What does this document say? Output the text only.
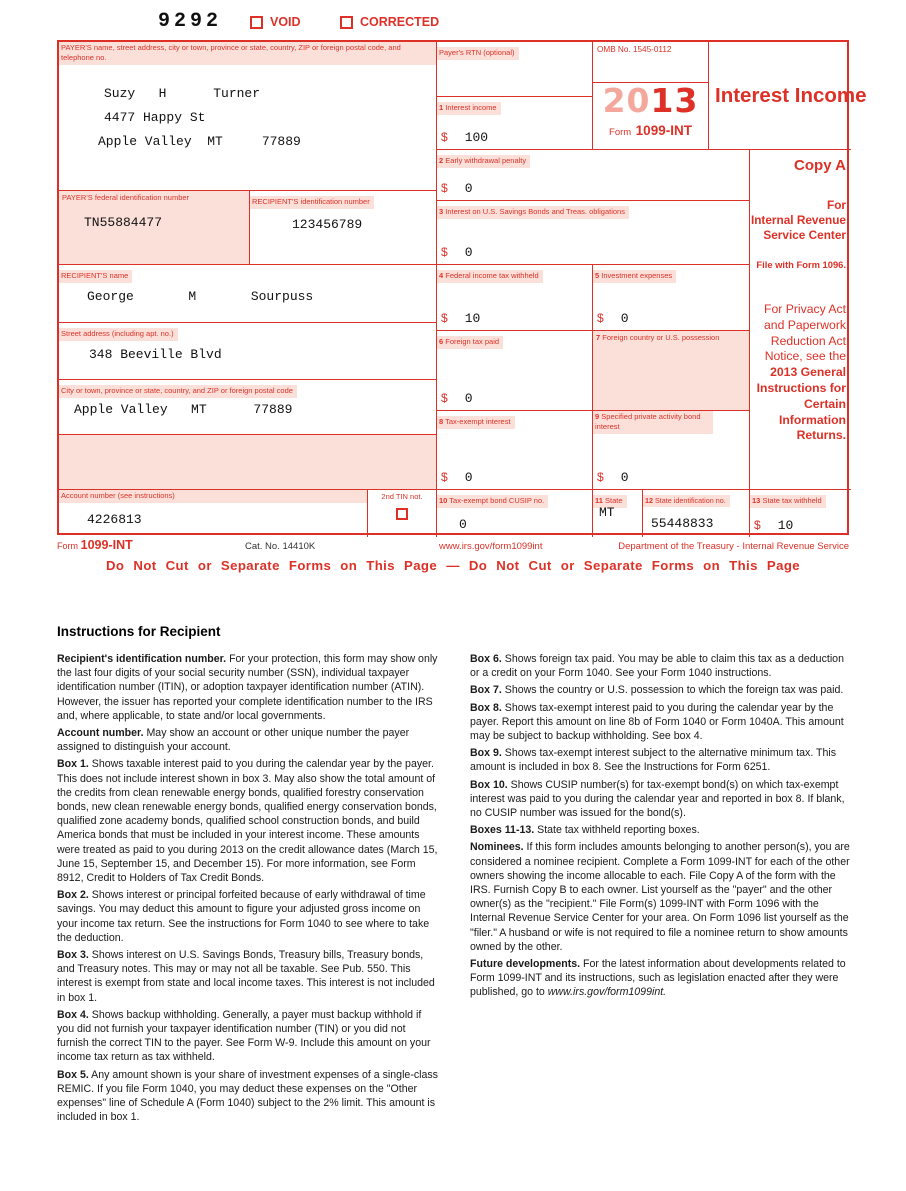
9292	VOID	CORRECTED
PAYER'S name, street address, city or town, province or state, country, ZIP or foreign postal code, and telephone no.
Suzy   H      Turner
4477 Happy St
Apple Valley  MT     77889
Payer's RTN (optional)	OMB No. 1545-0112
2013
Form 1099-INT
Interest Income
1 Interest income
$ 100
2 Early withdrawal penalty
$ 0
3 Interest on U.S. Savings Bonds and Treas. obligations
$ 0
4 Federal income tax withheld
$ 10
5 Investment expenses
$ 0
6 Foreign tax paid
$ 0
7 Foreign country or U.S. possession
8 Tax-exempt interest
$ 0
9 Specified private activity bond interest
$ 0
Copy A
For
Internal Revenue
Service Center
File with Form 1096.
For Privacy Act and Paperwork Reduction Act Notice, see the 2013 General Instructions for Certain Information Returns.
PAYER'S federal identification number
TN55884477
RECIPIENT'S identification number
123456789
RECIPIENT'S name
George       M       Sourpuss
Street address (including apt. no.)
348 Beeville Blvd
City or town, province or state, country, and ZIP or foreign postal code
Apple Valley   MT      77889
Account number (see instructions)
4226813
2nd TIN not.	10 Tax-exempt bond CUSIP no.
0
11 State
MT
12 State identification no.
55448833
13 State tax withheld
$ 10
Form 1099-INT	Cat. No. 14410K	www.irs.gov/form1099int	Department of the Treasury - Internal Revenue Service
Do Not Cut or Separate Forms on This Page — Do Not Cut or Separate Forms on This Page
Instructions for Recipient

Recipient's identification number. For your protection, this form may show only the last four digits of your social security number (SSN), individual taxpayer identification number (ITIN), or adoption taxpayer identification number (ATIN). However, the issuer has reported your complete identification number to the IRS and, where applicable, to state and/or local governments.

Account number. May show an account or other unique number the payer assigned to distinguish your account.

Box 1. Shows taxable interest paid to you during the calendar year by the payer. This does not include interest shown in box 3. May also show the total amount of the credits from clean renewable energy bonds, qualified forestry conservation bonds, new clean renewable energy bonds, qualified energy conservation bonds, qualified zone academy bonds, qualified school construction bonds, and build America bonds that must be included in your interest income. These amounts were treated as paid to you during 2013 on the credit allowance dates (March 15, June 15, September 15, and December 15). For more information, see Form 8912, Credit to Holders of Tax Credit Bonds.

Box 2. Shows interest or principal forfeited because of early withdrawal of time savings. You may deduct this amount to figure your adjusted gross income on your income tax return. See the instructions for Form 1040 to see where to take the deduction.

Box 3. Shows interest on U.S. Savings Bonds, Treasury bills, Treasury bonds, and Treasury notes. This may or may not all be taxable. See Pub. 550. This interest is exempt from state and local income taxes. This interest is not included in box 1.

Box 4. Shows backup withholding. Generally, a payer must backup withhold if you did not furnish your taxpayer identification number (TIN) or you did not furnish the correct TIN to the payer. See Form W-9. Include this amount on your income tax return as tax withheld.

Box 5. Any amount shown is your share of investment expenses of a single-class REMIC. If you file Form 1040, you may deduct these expenses on the "Other expenses" line of Schedule A (Form 1040) subject to the 2% limit. This amount is included in box 1.

Box 6. Shows foreign tax paid. You may be able to claim this tax as a deduction or a credit on your Form 1040. See your Form 1040 instructions.

Box 7. Shows the country or U.S. possession to which the foreign tax was paid.

Box 8. Shows tax-exempt interest paid to you during the calendar year by the payer. Report this amount on line 8b of Form 1040 or Form 1040A. This amount may be subject to backup withholding. See box 4.

Box 9. Shows tax-exempt interest subject to the alternative minimum tax. This amount is included in box 8. See the Instructions for Form 6251.

Box 10. Shows CUSIP number(s) for tax-exempt bond(s) on which tax-exempt interest was paid to you during the calendar year and reported in box 8. If blank, no CUSIP number was issued for the bond(s).

Boxes 11-13. State tax withheld reporting boxes.

Nominees. If this form includes amounts belonging to another person(s), you are considered a nominee recipient. Complete a Form 1099-INT for each of the other owners showing the income allocable to each. File Copy A of the form with the IRS. Furnish Copy B to each owner. List yourself as the "payer" and the other owner(s) as the "recipient." File Form(s) 1099-INT with Form 1096 with the Internal Revenue Service Center for your area. On Form 1096 list yourself as the "filer." A husband or wife is not required to file a nominee return to show amounts owned by the other.

Future developments. For the latest information about developments related to Form 1099-INT and its instructions, such as legislation enacted after they were published, go to www.irs.gov/form1099int.
